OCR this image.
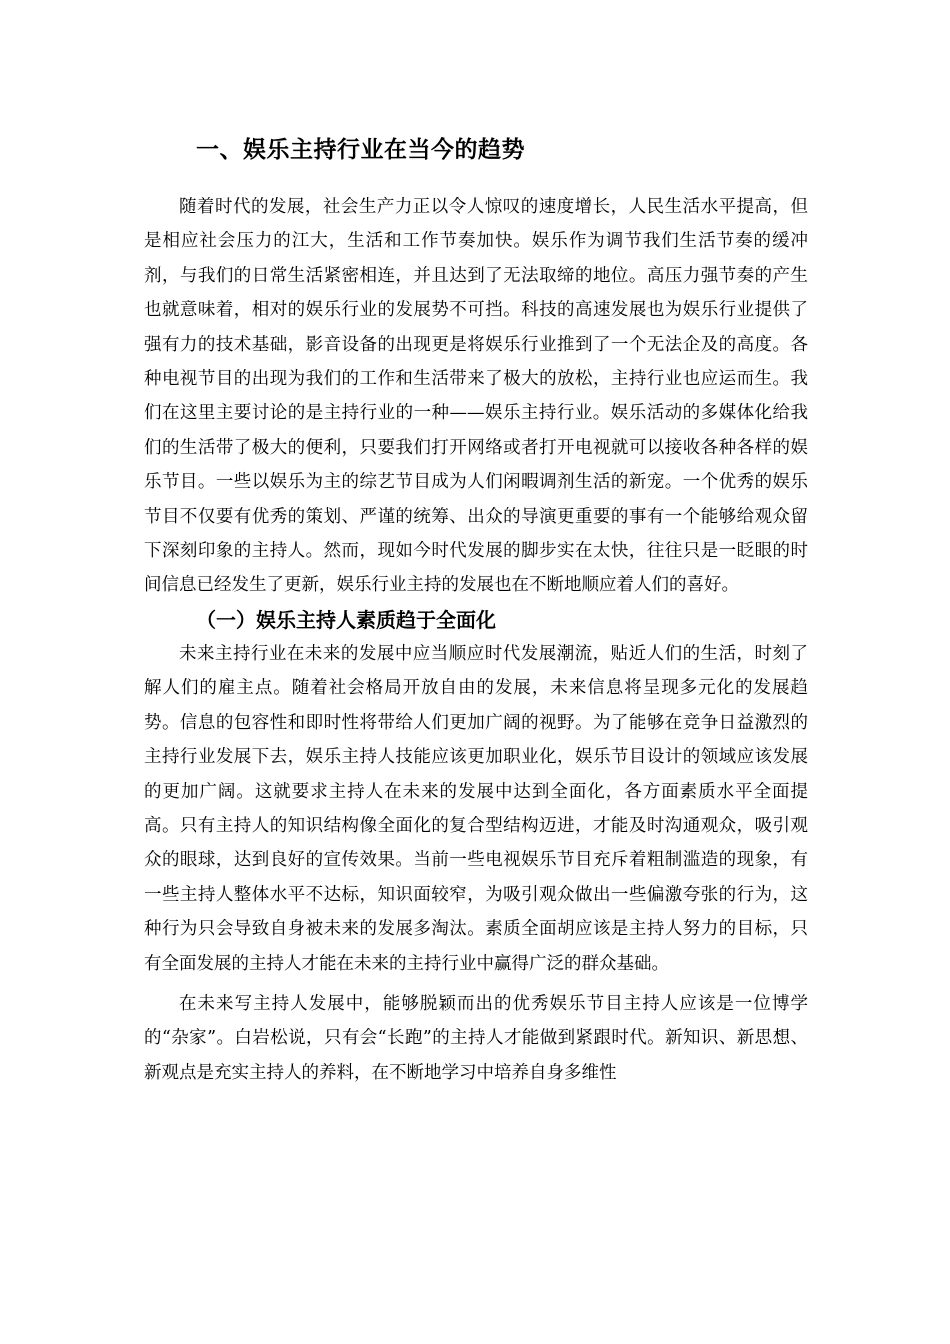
一、娱乐主持行业在当今的趋势

随着时代的发展，社会生产力正以令人惊叹的速度增长，人民生活水平提高，但是相应社会压力的江大，生活和工作节奏加快。娱乐作为调节我们生活节奏的缓冲剂，与我们的日常生活紧密相连，并且达到了无法取缔的地位。高压力强节奏的产生也就意味着，相对的娱乐行业的发展势不可挡。科技的高速发展也为娱乐行业提供了强有力的技术基础，影音设备的出现更是将娱乐行业推到了一个无法企及的高度。各种电视节目的出现为我们的工作和生活带来了极大的放松，主持行业也应运而生。我们在这里主要讨论的是主持行业的一种——娱乐主持行业。娱乐活动的多媒体化给我们的生活带了极大的便利，只要我们打开网络或者打开电视就可以接收各种各样的娱乐节目。一些以娱乐为主的综艺节目成为人们闲暇调剂生活的新宠。一个优秀的娱乐节目不仅要有优秀的策划、严谨的统筹、出众的导演更重要的事有一个能够给观众留下深刻印象的主持人。然而，现如今时代发展的脚步实在太快，往往只是一眨眼的时间信息已经发生了更新，娱乐行业主持的发展也在不断地顺应着人们的喜好。

（一）娱乐主持人素质趋于全面化

未来主持行业在未来的发展中应当顺应时代发展潮流，贴近人们的生活，时刻了解人们的雇主点。随着社会格局开放自由的发展，未来信息将呈现多元化的发展趋势。信息的包容性和即时性将带给人们更加广阔的视野。为了能够在竞争日益激烈的主持行业发展下去，娱乐主持人技能应该更加职业化，娱乐节目设计的领域应该发展的更加广阔。这就要求主持人在未来的发展中达到全面化，各方面素质水平全面提高。只有主持人的知识结构像全面化的复合型结构迈进，才能及时沟通观众，吸引观众的眼球，达到良好的宣传效果。当前一些电视娱乐节目充斥着粗制滥造的现象，有一些主持人整体水平不达标，知识面较窄，为吸引观众做出一些偏激夸张的行为，这种行为只会导致自身被未来的发展多淘汰。素质全面胡应该是主持人努力的目标，只有全面发展的主持人才能在未来的主持行业中赢得广泛的群众基础。

在未来写主持人发展中，能够脱颖而出的优秀娱乐节目主持人应该是一位博学的“杂家”。白岩松说，只有会“长跑”的主持人才能做到紧跟时代。新知识、新思想、新观点是充实主持人的养料，在不断地学习中培养自身多维性
